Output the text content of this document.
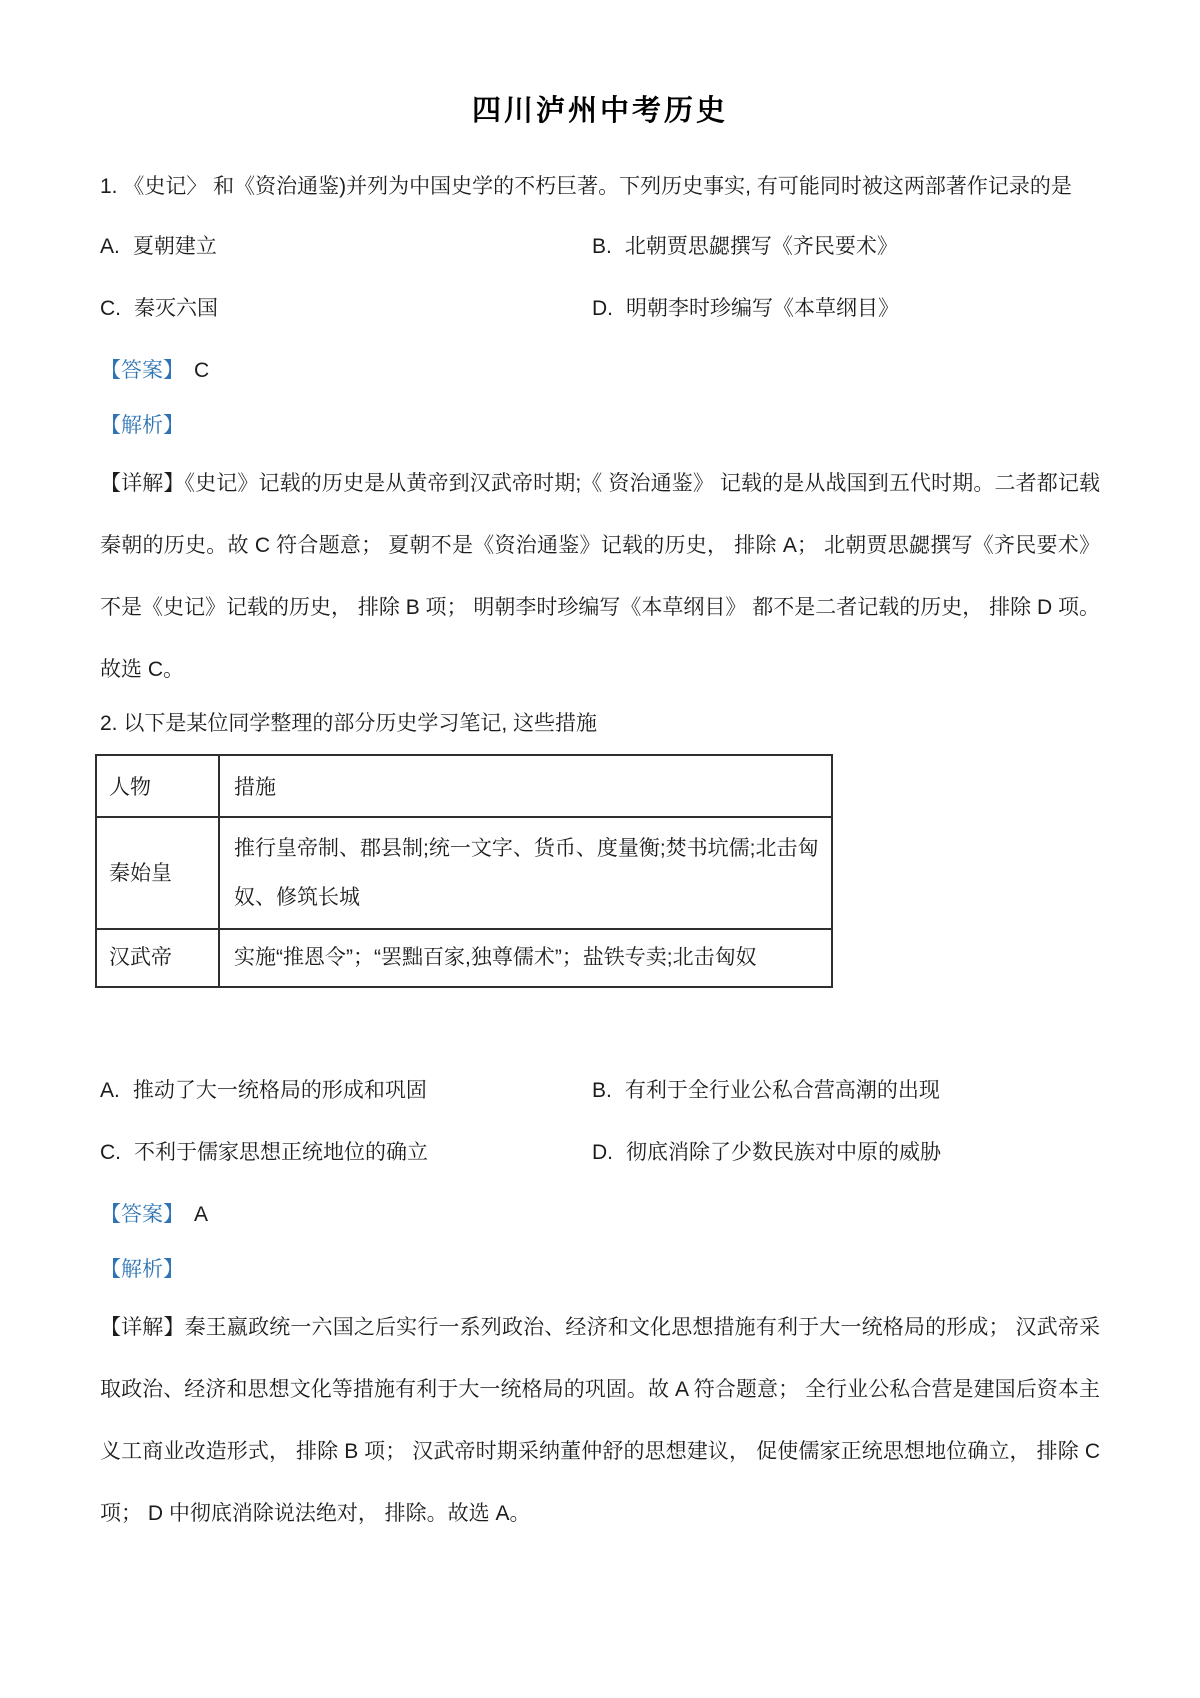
四川泸州中考历史
1. 《史记〉 和《资治通鉴)并列为中国史学的不朽巨著。下列历史事实, 有可能同时被这两部著作记录的是
A. 夏朝建立	B. 北朝贾思勰撰写《齐民要术》
C. 秦灭六国	D. 明朝李时珍编写《本草纲目》
【答案】 C
【解析】
【详解】《史记》记载的历史是从黄帝到汉武帝时期;《 资治通鉴》 记载的是从战国到五代时期。二者都记载秦朝的历史。故 C 符合题意； 夏朝不是《资治通鉴》记载的历史， 排除 A； 北朝贾思勰撰写《齐民要术》 不是《史记》记载的历史， 排除 B 项； 明朝李时珍编写《本草纲目》 都不是二者记载的历史， 排除 D 项。故选 C。
2. 以下是某位同学整理的部分历史学习笔记, 这些措施
人物	措施
秦始皇	推行皇帝制、郡县制;统一文字、货币、度量衡;焚书坑儒;北击匈奴、修筑长城
汉武帝	实施“推恩令”；“罢黜百家,独尊儒术”；盐铁专卖;北击匈奴
A. 推动了大一统格局的形成和巩固	B. 有利于全行业公私合营高潮的出现
C. 不利于儒家思想正统地位的确立	D. 彻底消除了少数民族对中原的威胁
【答案】 A
【解析】
【详解】秦王嬴政统一六国之后实行一系列政治、经济和文化思想措施有利于大一统格局的形成； 汉武帝采取政治、经济和思想文化等措施有利于大一统格局的巩固。故 A 符合题意； 全行业公私合营是建国后资本主义工商业改造形式， 排除 B 项； 汉武帝时期采纳董仲舒的思想建议， 促使儒家正统思想地位确立， 排除 C 项； D 中彻底消除说法绝对， 排除。故选 A。
